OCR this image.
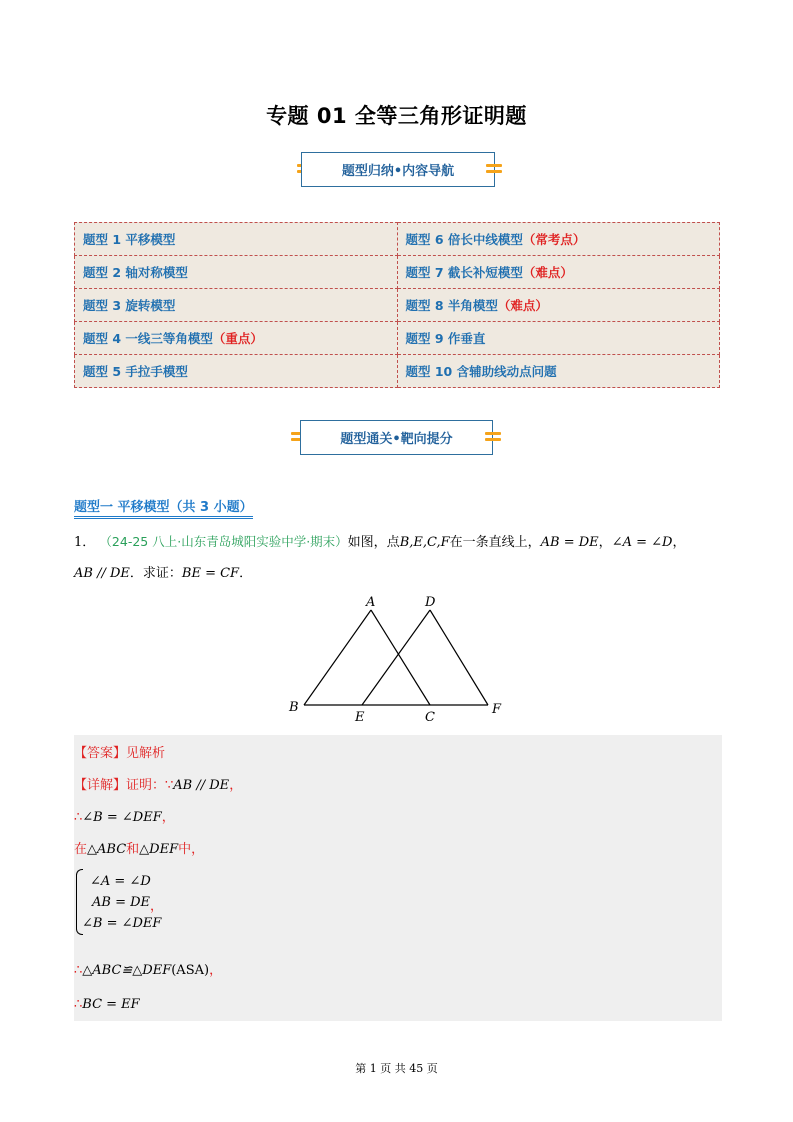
专题 01 全等三角形证明题
题型归纳•内容导航
题型 1 平移模型	题型 6 倍长中线模型（常考点）
题型 2 轴对称模型	题型 7 截长补短模型（难点）
题型 3 旋转模型	题型 8 半角模型（难点）
题型 4 一线三等角模型（重点）	题型 9 作垂直
题型 5 手拉手模型	题型 10 含辅助线动点问题
题型通关•靶向提分
题型一 平移模型（共 3 小题）
1． （24-25 八上·山东青岛城阳实验中学·期末）如图，点B,E,C,F在一条直线上，AB = DE，∠A = ∠D，
AB // DE．求证：BE = CF．
A	D
B
E	C
F
【答案】见解析
【详解】证明：∵AB // DE，
∴∠B = ∠DEF，
在△ABC和△DEF中，
∠A = ∠D
AB = DE ，
∠B = ∠DEF
∴△ABC≌△DEF(ASA)，
∴BC = EF
第 1 页 共 45 页
